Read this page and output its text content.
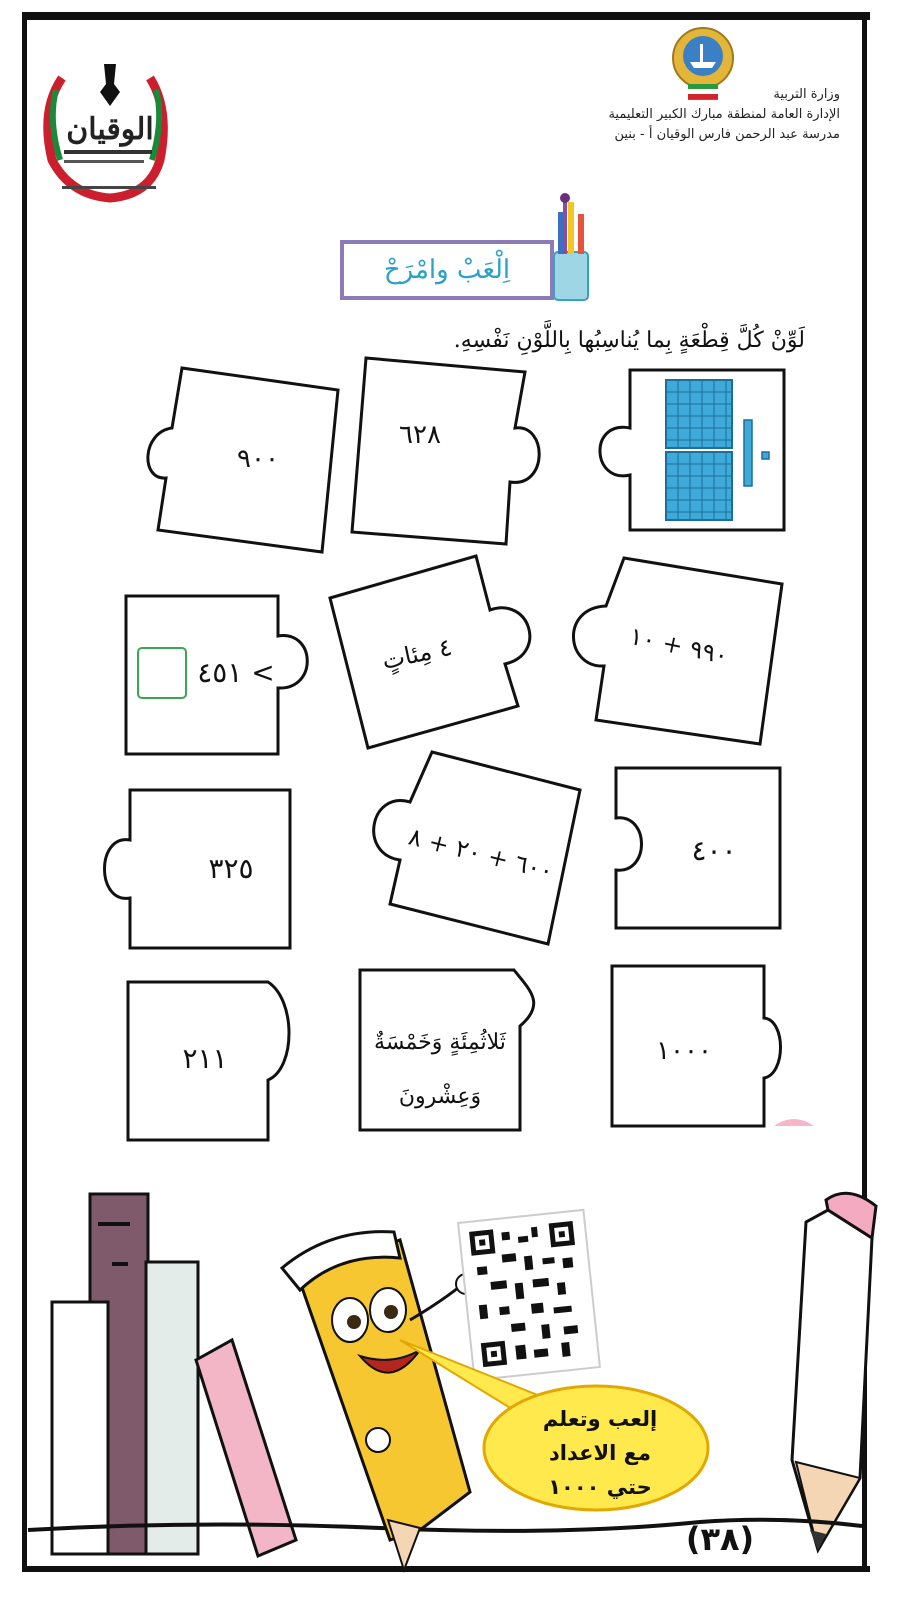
وزارة التربية
الإدارة العامة لمنطقة مبارك الكبير التعليمية
مدرسة عبد الرحمن فارس الوقيان أ - بنين
الوقيان
اِلْعَبْ وامْرَحْ
لَوِّنْ كُلَّ قِطْعَةٍ بِما يُناسِبُها بِاللَّوْنِ نَفْسِهِ.
٩٠٠
٦٢٨
> ٤٥١	٤ مِئاتٍ	٩٩٠ + ١٠
٣٢٥
٦٠٠ + ٢٠ + ٨	٤٠٠
٢١١	ثَلاثُمِئَةٍ وَخَمْسَةٌ
وَعِشْرونَ
١٠٠٠
إلعب وتعلم
مع الاعداد
حتي ١٠٠٠
(٣٨)
